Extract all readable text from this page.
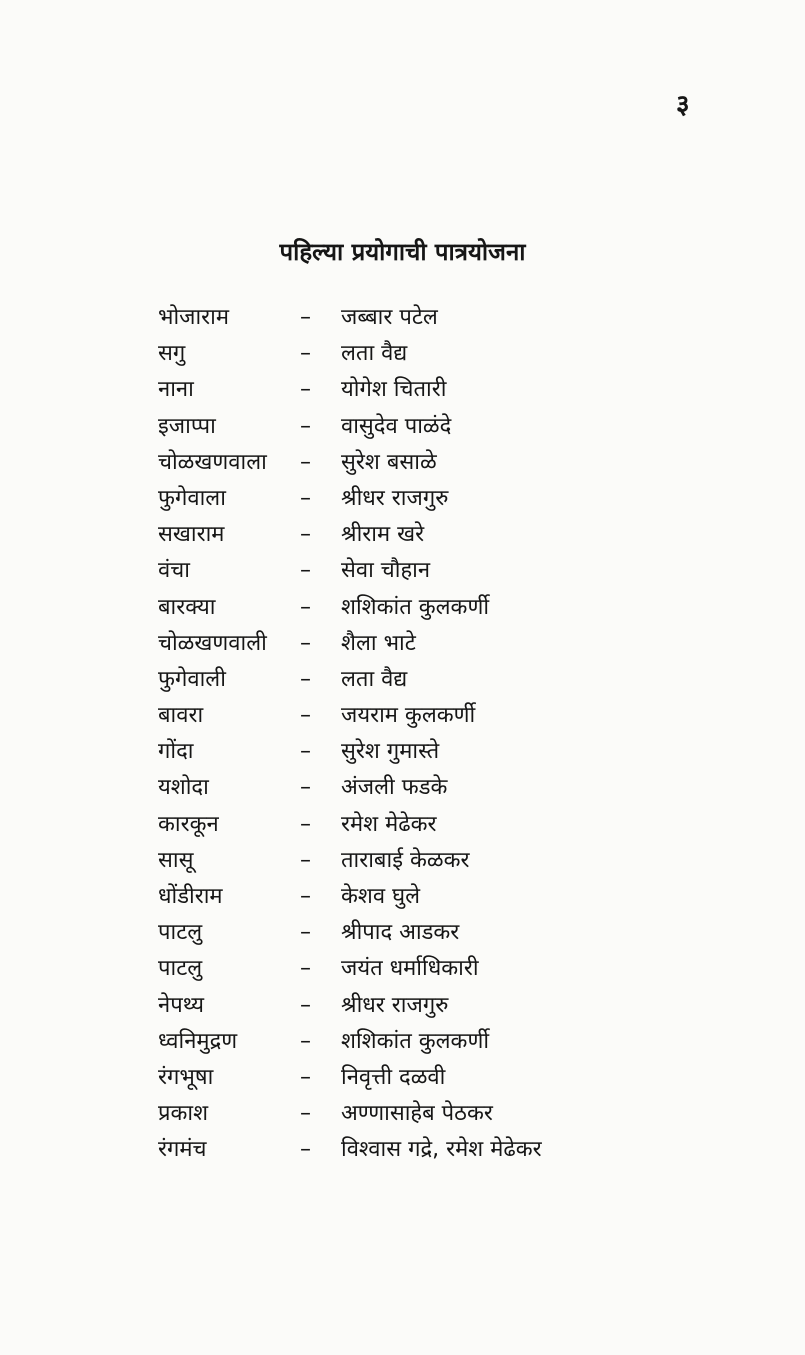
३
पहिल्या प्रयोगाची पात्रयोजना
भोजाराम	– जब्बार पटेल
सगु	– लता वैद्य
नाना	– योगेश चितारी
इजाप्पा	– वासुदेव पाळंदे
चोळखणवाला – सुरेश बसाळे
फुगेवाला	– श्रीधर राजगुरु
सखाराम	– श्रीराम खरे
वंचा	– सेवा चौहान
बारक्या	– शशिकांत कुलकर्णी
चोळखणवाली – शैला भाटे
फुगेवाली	– लता वैद्य
बावरा	– जयराम कुलकर्णी
गोंदा	– सुरेश गुमास्ते
यशोदा	– अंजली फडके
कारकून	– रमेश मेढेकर
सासू	– ताराबाई केळकर
धोंडीराम	– केशव घुले
पाटलु	– श्रीपाद आडकर
पाटलु	– जयंत धर्माधिकारी
नेपथ्य	– श्रीधर राजगुरु
ध्वनिमुद्रण	– शशिकांत कुलकर्णी
रंगभूषा	– निवृत्ती दळवी
प्रकाश	– अण्णासाहेब पेठकर
रंगमंच	– विश्वास गद्रे, रमेश मेढेकर
